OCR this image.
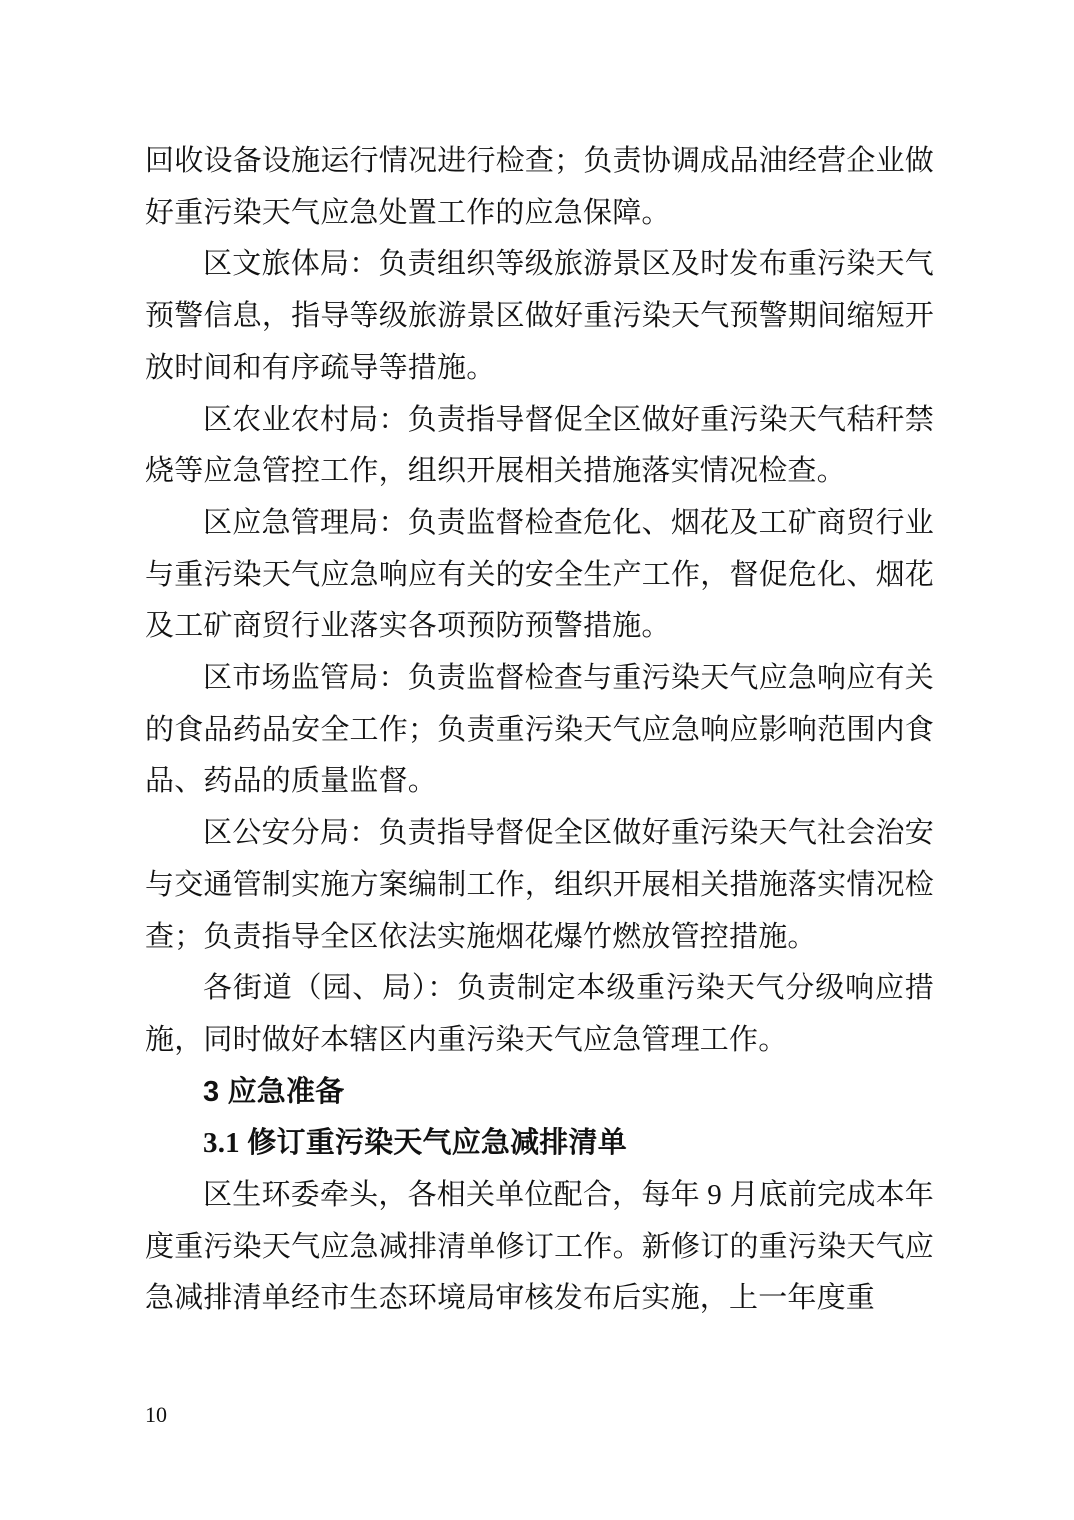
回收设备设施运行情况进行检查；负责协调成品油经营企业做好重污染天气应急处置工作的应急保障。

区文旅体局：负责组织等级旅游景区及时发布重污染天气预警信息，指导等级旅游景区做好重污染天气预警期间缩短开放时间和有序疏导等措施。

区农业农村局：负责指导督促全区做好重污染天气秸秆禁烧等应急管控工作，组织开展相关措施落实情况检查。

区应急管理局：负责监督检查危化、烟花及工矿商贸行业与重污染天气应急响应有关的安全生产工作，督促危化、烟花及工矿商贸行业落实各项预防预警措施。

区市场监管局：负责监督检查与重污染天气应急响应有关的食品药品安全工作；负责重污染天气应急响应影响范围内食品、药品的质量监督。

区公安分局：负责指导督促全区做好重污染天气社会治安与交通管制实施方案编制工作，组织开展相关措施落实情况检查；负责指导全区依法实施烟花爆竹燃放管控措施。

各街道（园、局）：负责制定本级重污染天气分级响应措施，同时做好本辖区内重污染天气应急管理工作。

3 应急准备
3.1 修订重污染天气应急减排清单

区生环委牵头，各相关单位配合，每年 9 月底前完成本年度重污染天气应急减排清单修订工作。新修订的重污染天气应急减排清单经市生态环境局审核发布后实施，上一年度重

10
